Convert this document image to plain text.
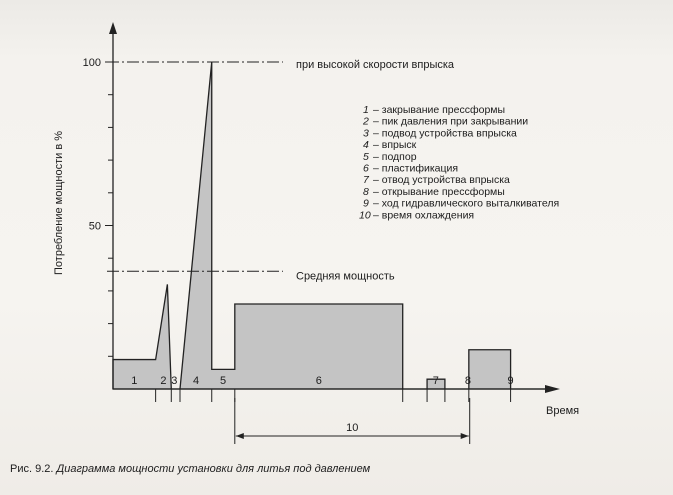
при высокой скорости впрыска
Средняя мощность
100
50
1 2 3 4 5	6	7 8	9
10
1 – закрывание прессформы
2 – пик давления при закрывании
3 – подвод устройства впрыска
4 – впрыск
5 – подпор
6 – пластификация
7 – отвод устройства впрыска
8 – открывание прессформы
9 – ход гидравлического выталкивателя
10 – время охлаждения
Потребление мощности в %
Время
Рис. 9.2. Диаграмма мощности установки для литья под давлением
